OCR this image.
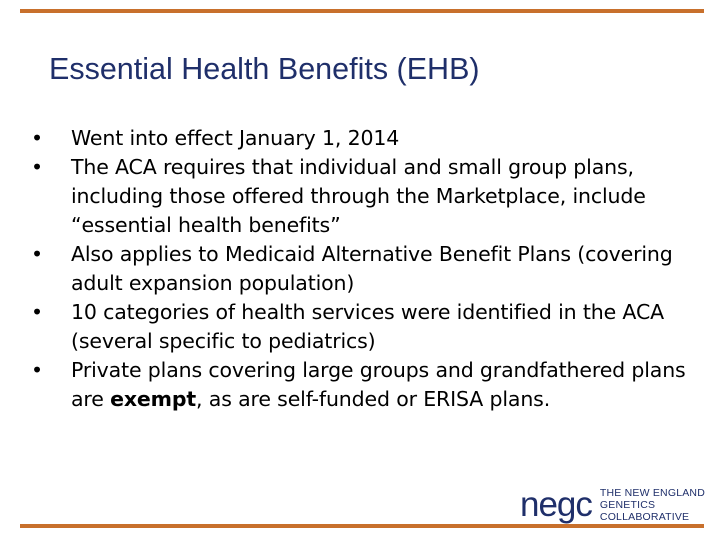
Essential Health Benefits (EHB)
• Went into effect January 1, 2014
• The ACA requires that individual and small group plans, including those offered through the Marketplace, include “essential health benefits”
• Also applies to Medicaid Alternative Benefit Plans (covering adult expansion population)
• 10 categories of health services were identified in the ACA (several specific to pediatrics)
• Private plans covering large groups and grandfathered plans are exempt, as are self-funded or ERISA plans.
negc THE NEW ENGLAND
GENETICS COLLABORATIVE
